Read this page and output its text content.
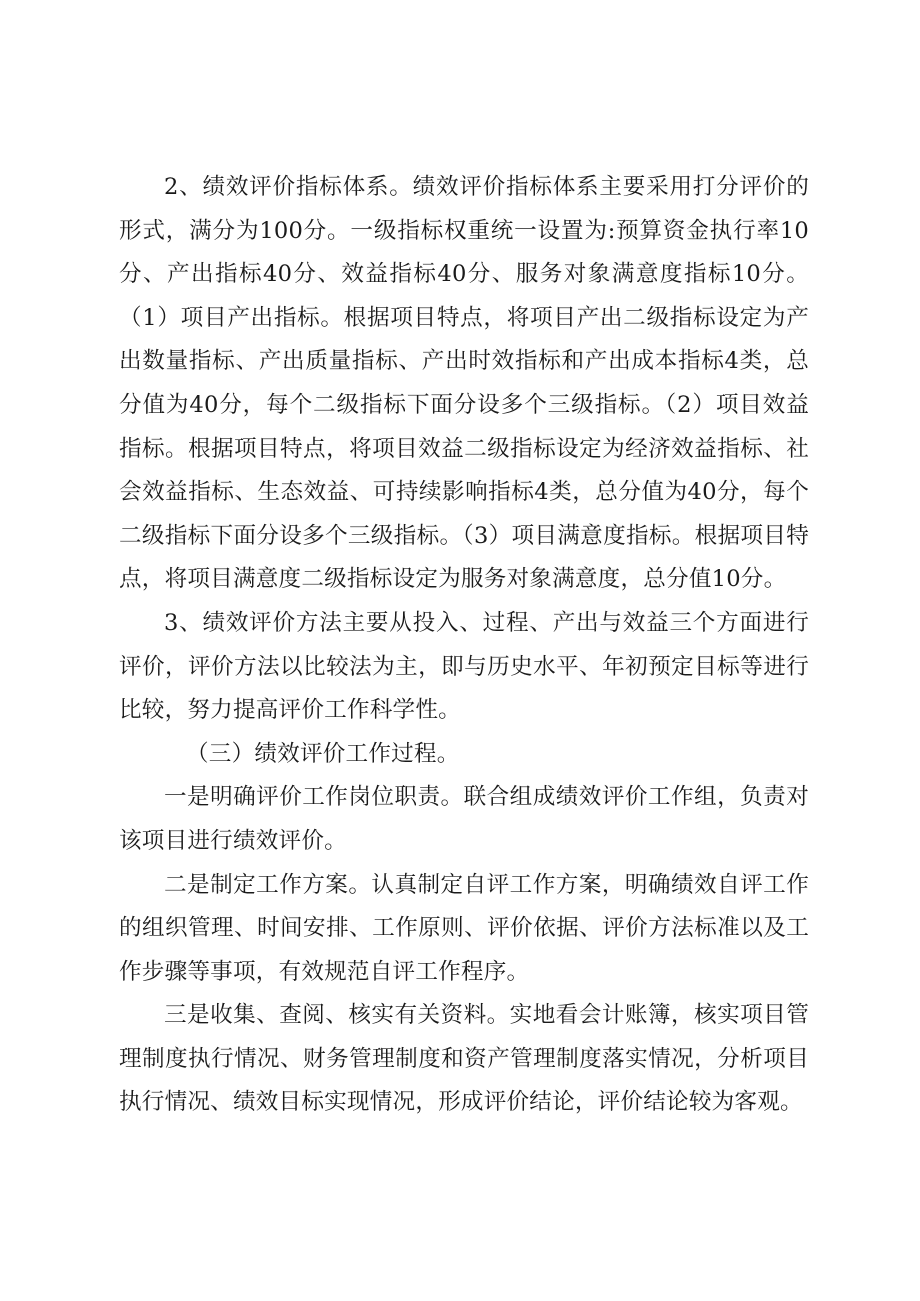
2、绩效评价指标体系。绩效评价指标体系主要采用打分评价的形式，满分为100分。一级指标权重统一设置为:预算资金执行率10分、产出指标40分、效益指标40分、服务对象满意度指标10分。（1）项目产出指标。根据项目特点，将项目产出二级指标设定为产出数量指标、产出质量指标、产出时效指标和产出成本指标4类，总分值为40分，每个二级指标下面分设多个三级指标。（2）项目效益指标。根据项目特点，将项目效益二级指标设定为经济效益指标、社会效益指标、生态效益、可持续影响指标4类，总分值为40分，每个二级指标下面分设多个三级指标。（3）项目满意度指标。根据项目特点，将项目满意度二级指标设定为服务对象满意度，总分值10分。

3、绩效评价方法主要从投入、过程、产出与效益三个方面进行评价，评价方法以比较法为主，即与历史水平、年初预定目标等进行比较，努力提高评价工作科学性。

（三）绩效评价工作过程。

一是明确评价工作岗位职责。联合组成绩效评价工作组，负责对该项目进行绩效评价。

二是制定工作方案。认真制定自评工作方案，明确绩效自评工作的组织管理、时间安排、工作原则、评价依据、评价方法标准以及工作步骤等事项，有效规范自评工作程序。

三是收集、查阅、核实有关资料。实地看会计账簿，核实项目管理制度执行情况、财务管理制度和资产管理制度落实情况，分析项目执行情况、绩效目标实现情况，形成评价结论，评价结论较为客观。
